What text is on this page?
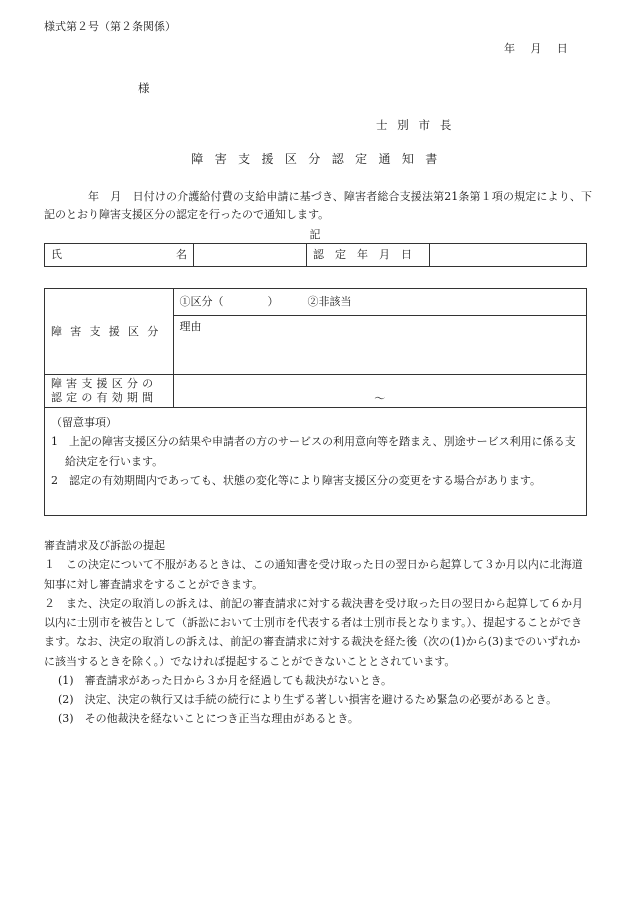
様式第２号（第２条関係）
年　月　日
様
士別市長
障害支援区分認定通知書
年　月　日付けの介護給付費の支給申請に基づき、障害者総合支援法第21条第１項の規定により、下記のとおり障害支援区分の認定を行ったので通知します。
記
氏	名		認　定　年　月　日	
障害支援区分	①区分（　　　　） ②非該当
	理由

障害支援区分の
認定の有効期間	～

（留意事項）
1　上記の障害支援区分の結果や申請者の方のサービスの利用意向等を踏まえ、別途サービス利用に係る支給決定を行います。
2　認定の有効期間内であっても、状態の変化等により障害支援区分の変更をする場合があります。	

審査請求及び訴訟の提起

１　この決定について不服があるときは、この通知書を受け取った日の翌日から起算して３か月以内に北海道知事に対し審査請求をすることができます。

２　また、決定の取消しの訴えは、前記の審査請求に対する裁決書を受け取った日の翌日から起算して６か月以内に士別市を被告として（訴訟において士別市を代表する者は士別市長となります。）、提起することができます。なお、決定の取消しの訴えは、前記の審査請求に対する裁決を経た後（次の(1)から(3)までのいずれかに該当するときを除く。）でなければ提起することができないこととされています。

(1)　審査請求があった日から３か月を経過しても裁決がないとき。

(2)　決定、決定の執行又は手続の続行により生ずる著しい損害を避けるため緊急の必要があるとき。

(3)　その他裁決を経ないことにつき正当な理由があるとき。
